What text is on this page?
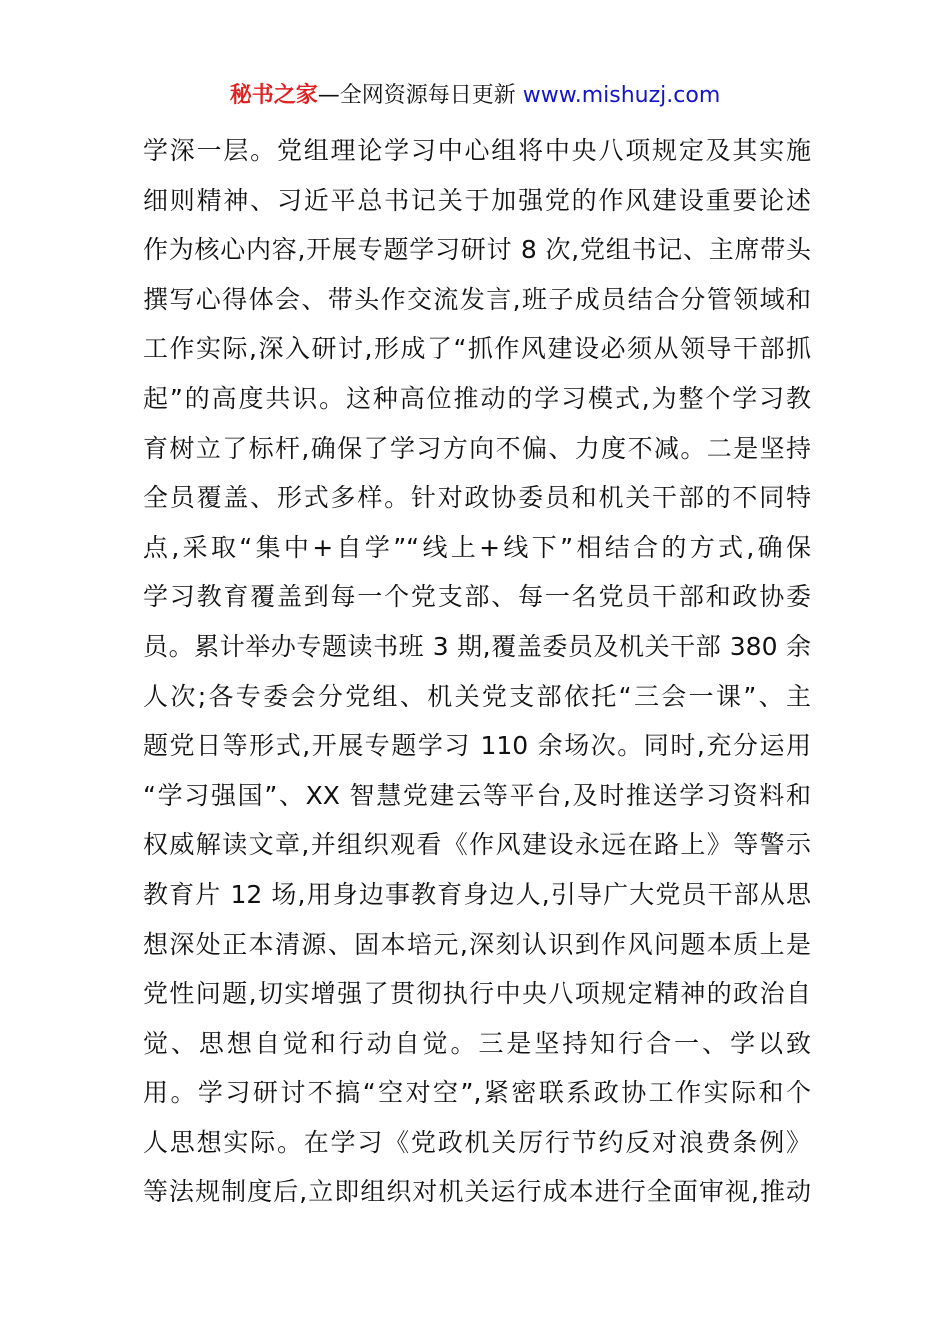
秘书之家—全网资源每日更新 www.mishuzj.com
学深一层。党组理论学习中心组将中央八项规定及其实施
细则精神、习近平总书记关于加强党的作风建设重要论述
作为核心内容,开展专题学习研讨 8 次,党组书记、主席带头
撰写心得体会、带头作交流发言,班子成员结合分管领域和
工作实际,深入研讨,形成了“抓作风建设必须从领导干部抓
起”的高度共识。这种高位推动的学习模式,为整个学习教
育树立了标杆,确保了学习方向不偏、力度不减。二是坚持
全员覆盖、形式多样。针对政协委员和机关干部的不同特
点,采取“集中+自学”“线上+线下”相结合的方式,确保
学习教育覆盖到每一个党支部、每一名党员干部和政协委
员。累计举办专题读书班 3 期,覆盖委员及机关干部 380 余
人次;各专委会分党组、机关党支部依托“三会一课”、主
题党日等形式,开展专题学习 110 余场次。同时,充分运用
“学习强国”、XX 智慧党建云等平台,及时推送学习资料和
权威解读文章,并组织观看《作风建设永远在路上》等警示
教育片 12 场,用身边事教育身边人,引导广大党员干部从思
想深处正本清源、固本培元,深刻认识到作风问题本质上是
党性问题,切实增强了贯彻执行中央八项规定精神的政治自
觉、思想自觉和行动自觉。三是坚持知行合一、学以致
用。学习研讨不搞“空对空”,紧密联系政协工作实际和个
人思想实际。在学习《党政机关厉行节约反对浪费条例》
等法规制度后,立即组织对机关运行成本进行全面审视,推动
